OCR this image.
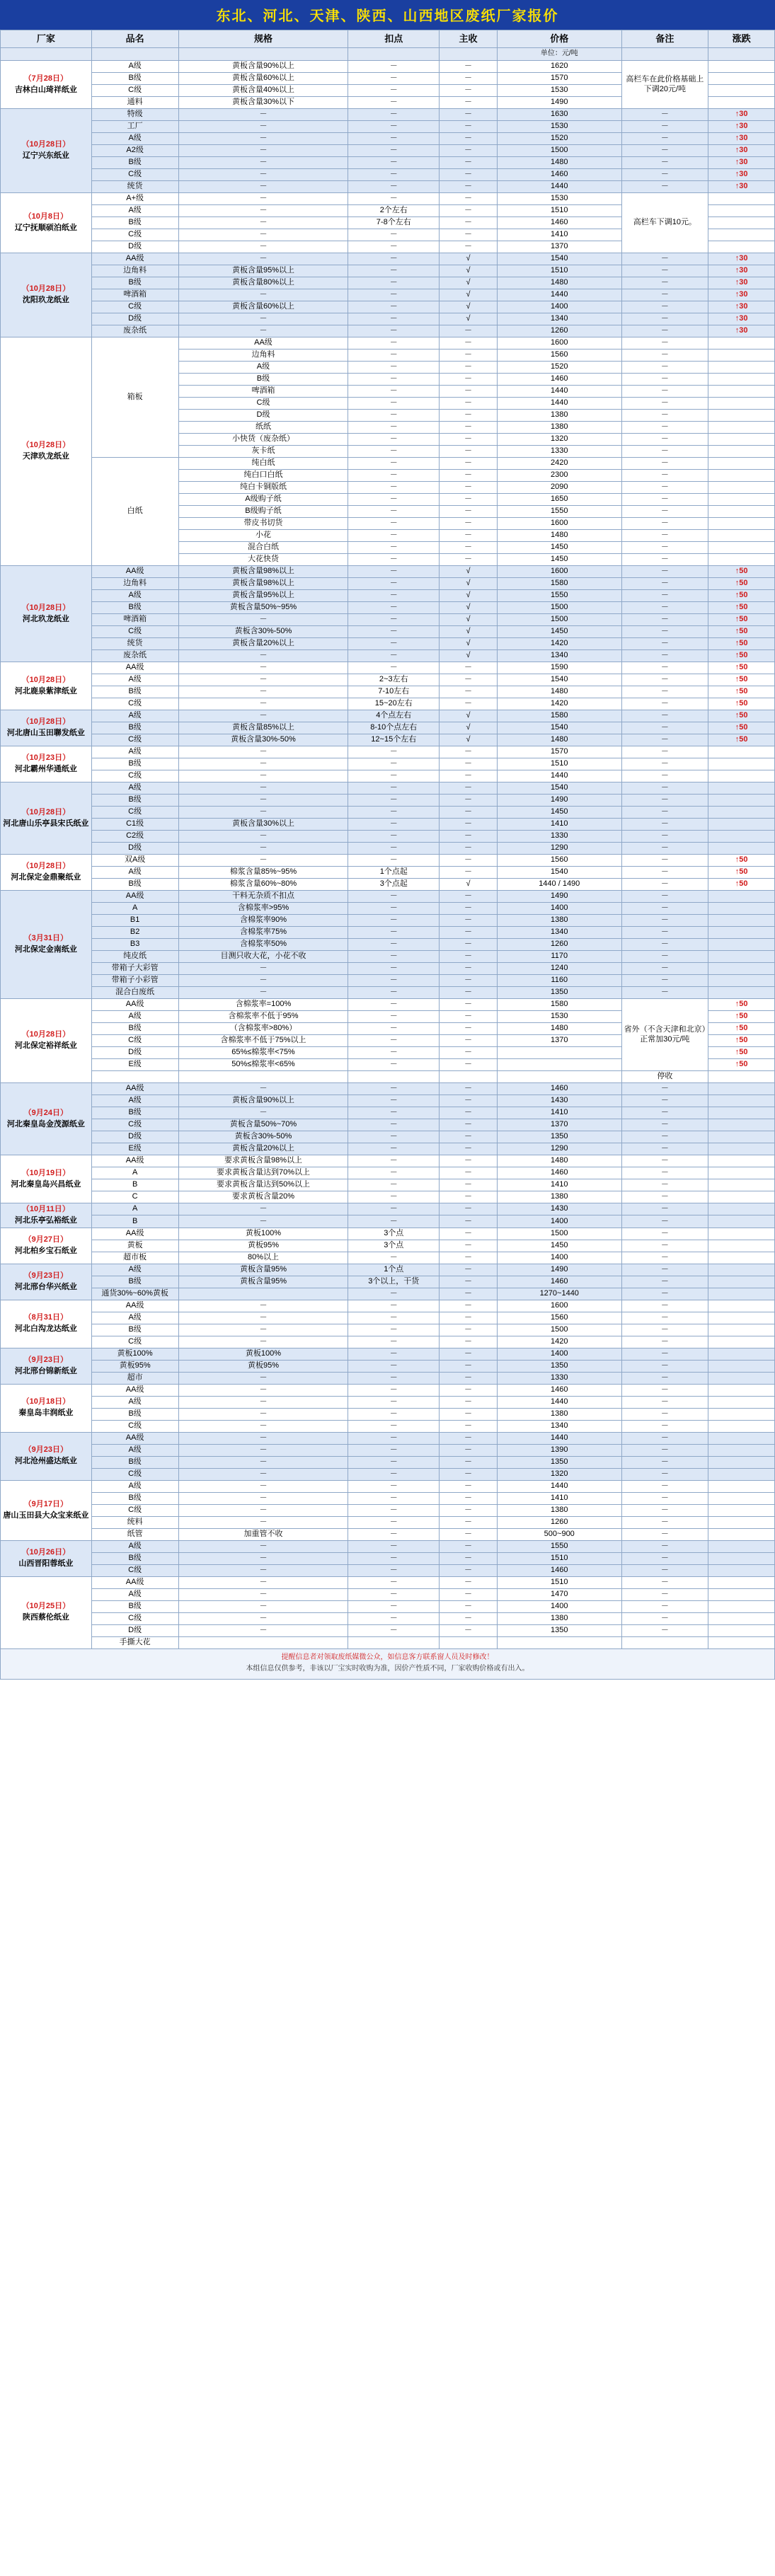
东北、河北、天津、陕西、山西地区废纸厂家报价
厂家	品名	规格	扣点	主收	价格	备注	涨跌
					单位：元/吨		

（7月28日）
吉林白山琦祥纸业	A级	黄板含量90%以上	－	－	1620	高栏车在此价格基础上下调20元/吨	
	B级	黄板含量60%以上	－	－	1570		
	C级	黄板含量40%以上	－	－	1530		
	通料	黄板含量30%以下	－	－	1490		

（10月28日）
辽宁兴东纸业	特级	－	－	－	1630	－	↑30
	工厂	－	－	－	1530	－	↑30
	A级	－	－	－	1520	－	↑30
	A2级	－	－	－	1500	－	↑30
	B级	－	－	－	1480	－	↑30
	C级	－	－	－	1460	－	↑30
	统货	－	－	－	1440	－	↑30

（10月8日）
辽宁抚顺硕泊纸业	A+级	－	－	－	1530	高栏车下调10元。	
	A级	－	2个左右	－	1510		
	B级	－	7-8个左右	－	1460		
	C级	－	－	－	1410		
	D级	－	－	－	1370		

（10月28日）
沈阳玖龙纸业	AA级	－	－	√	1540	－	↑30
	边角料	黄板含量95%以上	－	√	1510	－	↑30
	B级	黄板含量80%以上	－	√	1480	－	↑30
	啤酒箱	－	－	√	1440	－	↑30
	C级	黄板含量60%以上	－	√	1400	－	↑30
	D级	－	－	√	1340	－	↑30
	废杂纸	－	－	－	1260	－	↑30

（10月28日）
天津玖龙纸业	箱板	AA级	－	－	1600	－	
		边角料	－	－	1560	－	
		A级	－	－	1520	－	
		B级	－	－	1460	－	
		啤酒箱	－	－	1440	－	
		C级	－	－	1440	－	
		D级	－	－	1380	－	
		纸纸	－	－	1380	－	
		小快货（废杂纸）	－	－	1320	－	
		灰卡纸	－	－	1330	－	
	白纸	纯白纸	－	－	2420	－	
		纯白口白纸	－	－	2300	－	
		纯白卡铜版纸	－	－	2090	－	
		A级购子纸	－	－	1650	－	
		B级购子纸	－	－	1550	－	
		带皮书切货	－	－	1600	－	
		小花	－	－	1480	－	
		混合白纸	－	－	1450	－	
		大花快货	－	－	1450	－	

（10月28日）
河北玖龙纸业	AA级	黄板含量98%以上	－	√	1600	－	↑50
	边角料	黄板含量98%以上	－	√	1580	－	↑50
	A级	黄板含量95%以上	－	√	1550	－	↑50
	B级	黄板含量50%~95%	－	√	1500	－	↑50
	啤酒箱	－	－	√	1500	－	↑50
	C级	黄板含30%-50%	－	√	1450	－	↑50
	统货	黄板含量20%以上	－	√	1420	－	↑50
	废杂纸	－	－	√	1340	－	↑50

（10月28日）
河北鹿泉紫津纸业	AA级	－	－	－	1590	－	↑50
	A级	－	2~3左右	－	1540	－	↑50
	B级	－	7-10左右	－	1480	－	↑50
	C级	－	15~20左右	－	1420	－	↑50

（10月28日）
河北唐山玉田聯发纸业	A级	－	4个点左右	√	1580	－	↑50
	B级	黄板含量85%以上	8-10个点左右	√	1540	－	↑50
	C级	黄板含量30%-50%	12~15个左右	√	1480	－	↑50

（10月23日）
河北霸州华通纸业	A级	－	－	－	1570	－	
	B级	－	－	－	1510	－	
	C级	－	－	－	1440	－	

（10月28日）
河北唐山乐亭县宋氏纸业	A级	－	－	－	1540	－	
	B级	－	－	－	1490	－	
	C级	－	－	－	1450	－	
	C1级	黄板含量30%以上	－	－	1410	－	
	C2级	－	－	－	1330	－	
	D级	－	－	－	1290	－	

（10月28日）
河北保定金鼎聚纸业	双A级	－	－	－	1560	－	↑50
	A级	棉浆含量85%~95%	1个点起	－	1540	－	↑50
	B级	棉浆含量60%~80%	3个点起	√	1440 / 1490	－	↑50

（3月31日）
河北保定金南纸业	AA级	干料无杂质不扣点	－	－	1490	－	
	A	含棉浆率>95%	－	－	1400	－	
	B1	含棉浆率90%	－	－	1380	－	
	B2	含棉浆率75%	－	－	1340	－	
	B3	含棉浆率50%	－	－	1260	－	
	纯皮纸	目测只收大花，小花不收	－	－	1170	－	
	带箱子大彩管	－	－	－	1240	－	
	带箱子小彩管	－	－	－	1160	－	
	混合白废纸	－	－	－	1350	－	

（10月28日）
河北保定裕祥纸业	AA级	含棉浆率=100%	－	－	1580	省外（不含天津和北京）正常加30元/吨	↑50
	A级	含棉浆率不低于95%	－	－	1530		↑50
	B级	（含棉浆率>80%）	－	－	1480		↑50
	C级	含棉浆率不低于75%以上	－	－	1370		↑50
	D级	65%≤棉浆率<75%	－	－			↑50
	E级	50%≤棉浆率<65%	－	－			↑50
						停收	

（9月24日）
河北秦皇岛金茂源纸业	AA级	－	－	－	1460	－	
	A级	黄板含量90%以上	－	－	1430	－	
	B级	－	－	－	1410	－	
	C级	黄板含量50%~70%	－	－	1370	－	
	D级	黄板含30%-50%	－	－	1350	－	
	E级	黄板含量20%以上	－	－	1290	－	

（10月19日）
河北秦皇岛兴昌纸业	AA级	要求黄板含量98%以上	－	－	1480	－	
	A	要求黄板含量达到70%以上	－	－	1460	－	
	B	要求黄板含量达到50%以上	－	－	1410	－	
	C	要求黄板含量20%	－	－	1380	－	

（10月11日）
河北乐亭弘裕纸业	A	－	－	－	1430	－	
	B	－	－	－	1400	－	

（9月27日）
河北柏乡宝石纸业	AA级	黄板100%	3个点	－	1500	－	
	黄板	黄板95%	3个点	－	1450	－	
	超市板	80%以上	－	－	1400	－	

（9月23日）
河北邢台华兴纸业	A级	黄板含量95%	1个点	－	1490	－	
	B级	黄板含量95%	3个以上，干货	－	1460	－	
	通货30%~60%黄板		－	－	1270~1440	－	

（8月31日）
河北白沟龙达纸业	AA级	－	－	－	1600	－	
	A级	－	－	－	1560	－	
	B级	－	－	－	1500	－	
	C级	－	－	－	1420	－	

（9月23日）
河北邢台锦新纸业	黄板100%	黄板100%	－	－	1400	－	
	黄板95%	黄板95%	－	－	1350	－	
	超市	－	－	－	1330	－	

（10月18日）
秦皇岛丰润纸业	AA级	－	－	－	1460	－	
	A级	－	－	－	1440	－	
	B级	－	－	－	1380	－	
	C级	－	－	－	1340	－	

（9月23日）
河北沧州盛达纸业	AA级	－	－	－	1440	－	
	A级	－	－	－	1390	－	
	B级	－	－	－	1350	－	
	C级	－	－	－	1320	－	

（9月17日）
唐山玉田县大众宝来纸业	A级	－	－	－	1440	－	
	B级	－	－	－	1410	－	
	C级	－	－	－	1380	－	
	统料	－	－	－	1260	－	
	纸管	加重管不收	－	－	500~900	－	

（10月26日）
山西晋阳蓉纸业	A级	－	－	－	1550	－	
	B级	－	－	－	1510	－	
	C级	－	－	－	1460	－	

（10月25日）
陕西蔡伦纸业	AA级	－	－	－	1510	－	
	A级	－	－	－	1470	－	
	B级	－	－	－	1400	－	
	C级	－	－	－	1380	－	
	D级	－	－	－	1350	－	
	手撕大花						
提醒信息者对领取废纸媒微公众，如信息客方联系窗人员及时修改！
本组信息仅供参考，非该以厂宝实时收购为准，因价产性质不同，厂家收购价格或有出入。
